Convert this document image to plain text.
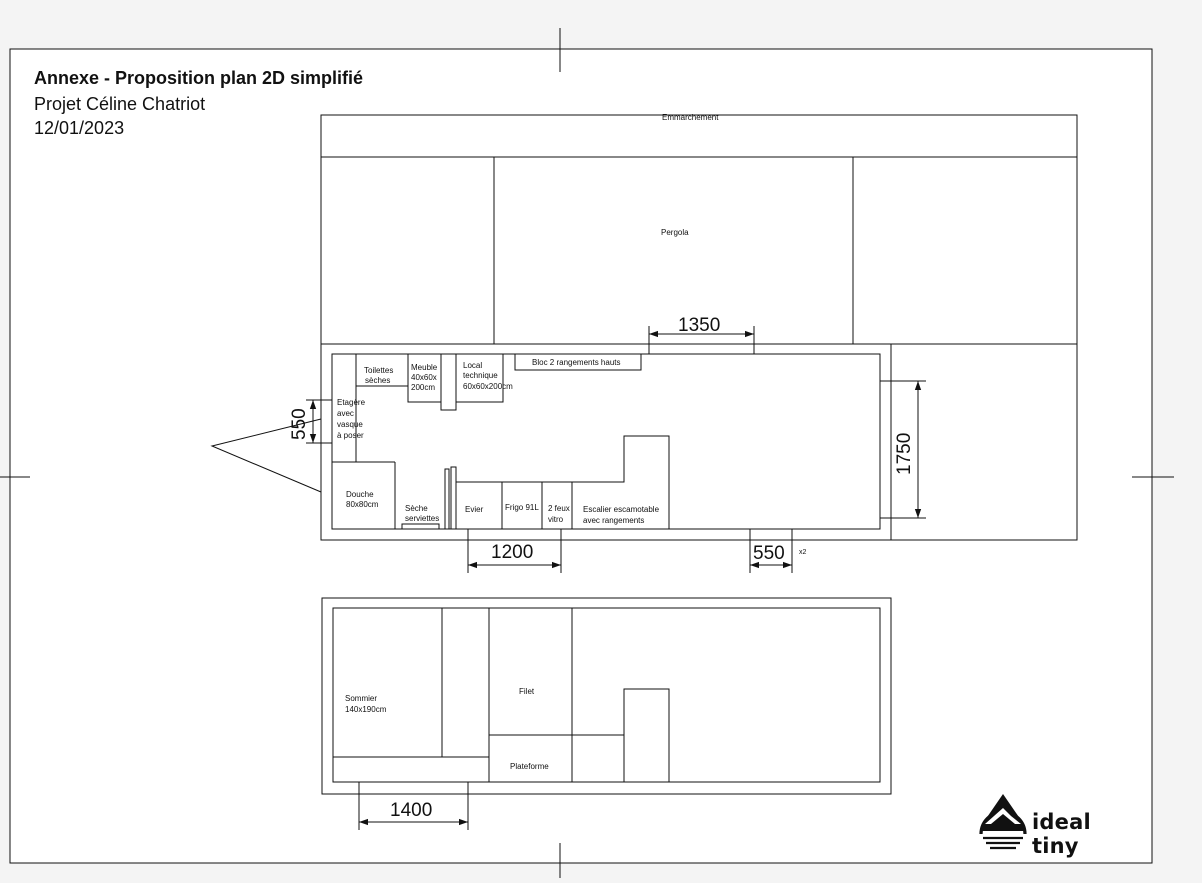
Emmarchement
Pergola
Toilettes
sèches
Meuble
40x60x
200cm
Local
technique
60x60x200cm
Bloc 2 rangements hauts
Etagère
avec
vasque
à poser
Douche
80x80cm	Sèche
serviettes
Evier	Frigo 91L 2 feux
vitro
Escalier escamotable
avec rangements
Sommier
140x190cm
Filet
Plateforme
1350
550
1750
1200	550 x2
1400
Annexe - Proposition plan 2D simplifié
Projet Céline Chatriot
12/01/2023
ideal tiny
